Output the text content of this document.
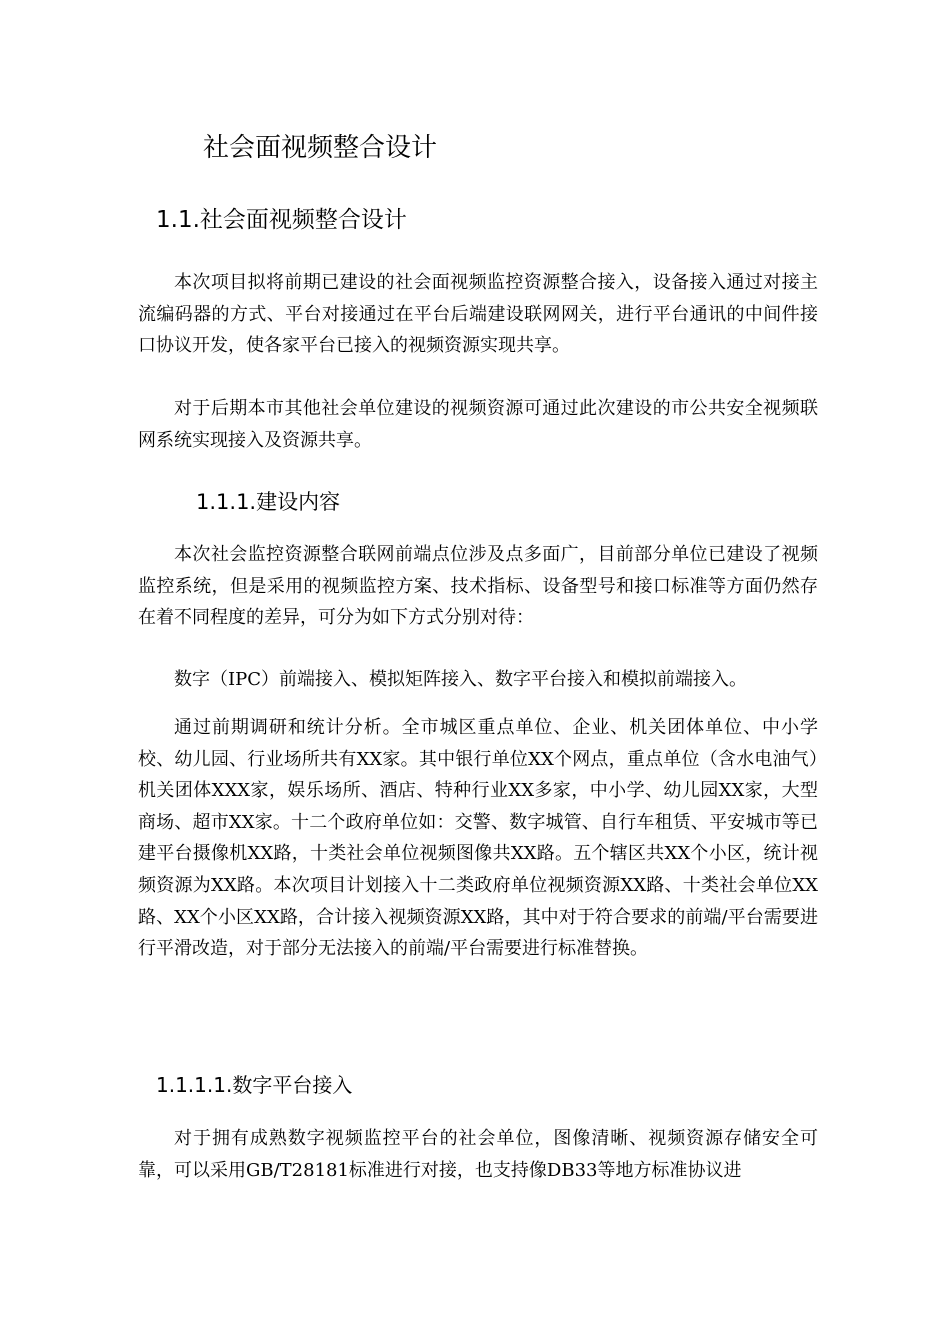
社会面视频整合设计
1.1.社会面视频整合设计

本次项目拟将前期已建设的社会面视频监控资源整合接入，设备接入通过对接主流编码器的方式、平台对接通过在平台后端建设联网网关，进行平台通讯的中间件接口协议开发，使各家平台已接入的视频资源实现共享。

对于后期本市其他社会单位建设的视频资源可通过此次建设的市公共安全视频联网系统实现接入及资源共享。

1.1.1.建设内容

本次社会监控资源整合联网前端点位涉及点多面广，目前部分单位已建设了视频监控系统，但是采用的视频监控方案、技术指标、设备型号和接口标准等方面仍然存在着不同程度的差异，可分为如下方式分别对待：

数字（IPC）前端接入、模拟矩阵接入、数字平台接入和模拟前端接入。

通过前期调研和统计分析。全市城区重点单位、企业、机关团体单位、中小学校、幼儿园、行业场所共有XX家。其中银行单位XX个网点，重点单位（含水电油气）机关团体XXX家，娱乐场所、酒店、特种行业XX多家，中小学、幼儿园XX家，大型商场、超市XX家。十二个政府单位如：交警、数字城管、自行车租赁、平安城市等已建平台摄像机XX路，十类社会单位视频图像共XX路。五个辖区共XX个小区，统计视频资源为XX路。本次项目计划接入十二类政府单位视频资源XX路、十类社会单位XX路、XX个小区XX路，合计接入视频资源XX路，其中对于符合要求的前端/平台需要进行平滑改造，对于部分无法接入的前端/平台需要进行标准替换。

1.1.1.1.数字平台接入

对于拥有成熟数字视频监控平台的社会单位，图像清晰、视频资源存储安全可靠，可以采用GB/T28181标准进行对接，也支持像DB33等地方标准协议进
